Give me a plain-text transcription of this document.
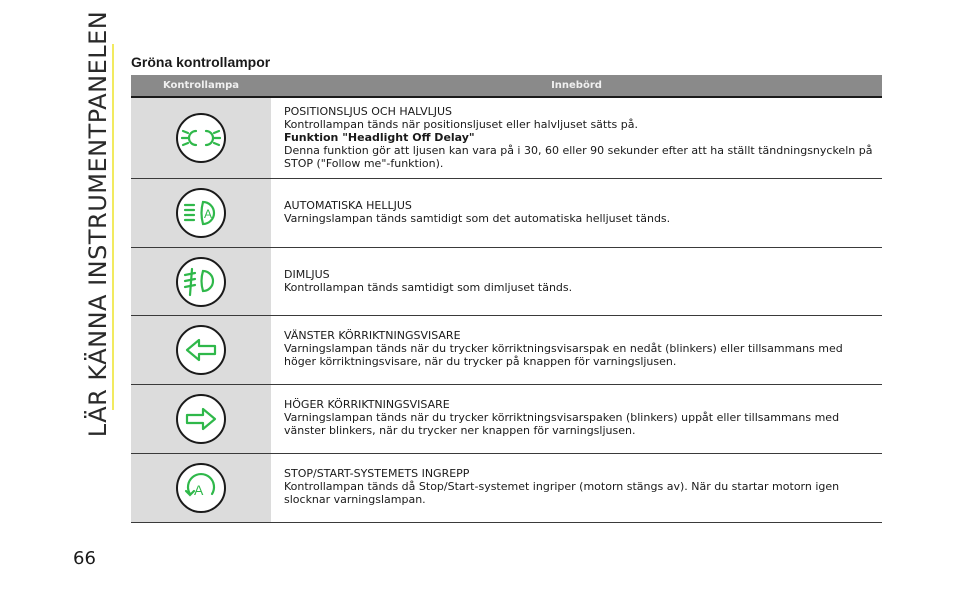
LÄR KÄNNA INSTRUMENTPANELEN
66
Gröna kontrollampor
Kontrollampa	Innebörd
POSITIONSLJUS OCH HALVLJUS
Kontrollampan tänds när positionsljuset eller halvljuset sätts på.
Funktion "Headlight Off Delay"
Denna funktion gör att ljusen kan vara på i 30, 60 eller 90 sekunder efter att ha ställt tändningsnyckeln på STOP ("Follow me"-funktion).
A
AUTOMATISKA HELLJUS
Varningslampan tänds samtidigt som det automatiska helljuset tänds.
DIMLJUS
Kontrollampan tänds samtidigt som dimljuset tänds.
VÄNSTER KÖRRIKTNINGSVISARE
Varningslampan tänds när du trycker körriktningsvisarspak en nedåt (blinkers) eller tillsammans med höger körriktningsvisare, när du trycker på knappen för varningsljusen.
HÖGER KÖRRIKTNINGSVISARE
Varningslampan tänds när du trycker körriktningsvisarspaken (blinkers) uppåt eller tillsammans med vänster blinkers, när du trycker ner knappen för varningsljusen.
A
STOP/START-SYSTEMETS INGREPP
Kontrollampan tänds då Stop/Start-systemet ingriper (motorn stängs av). När du startar motorn igen slocknar varningslampan.
